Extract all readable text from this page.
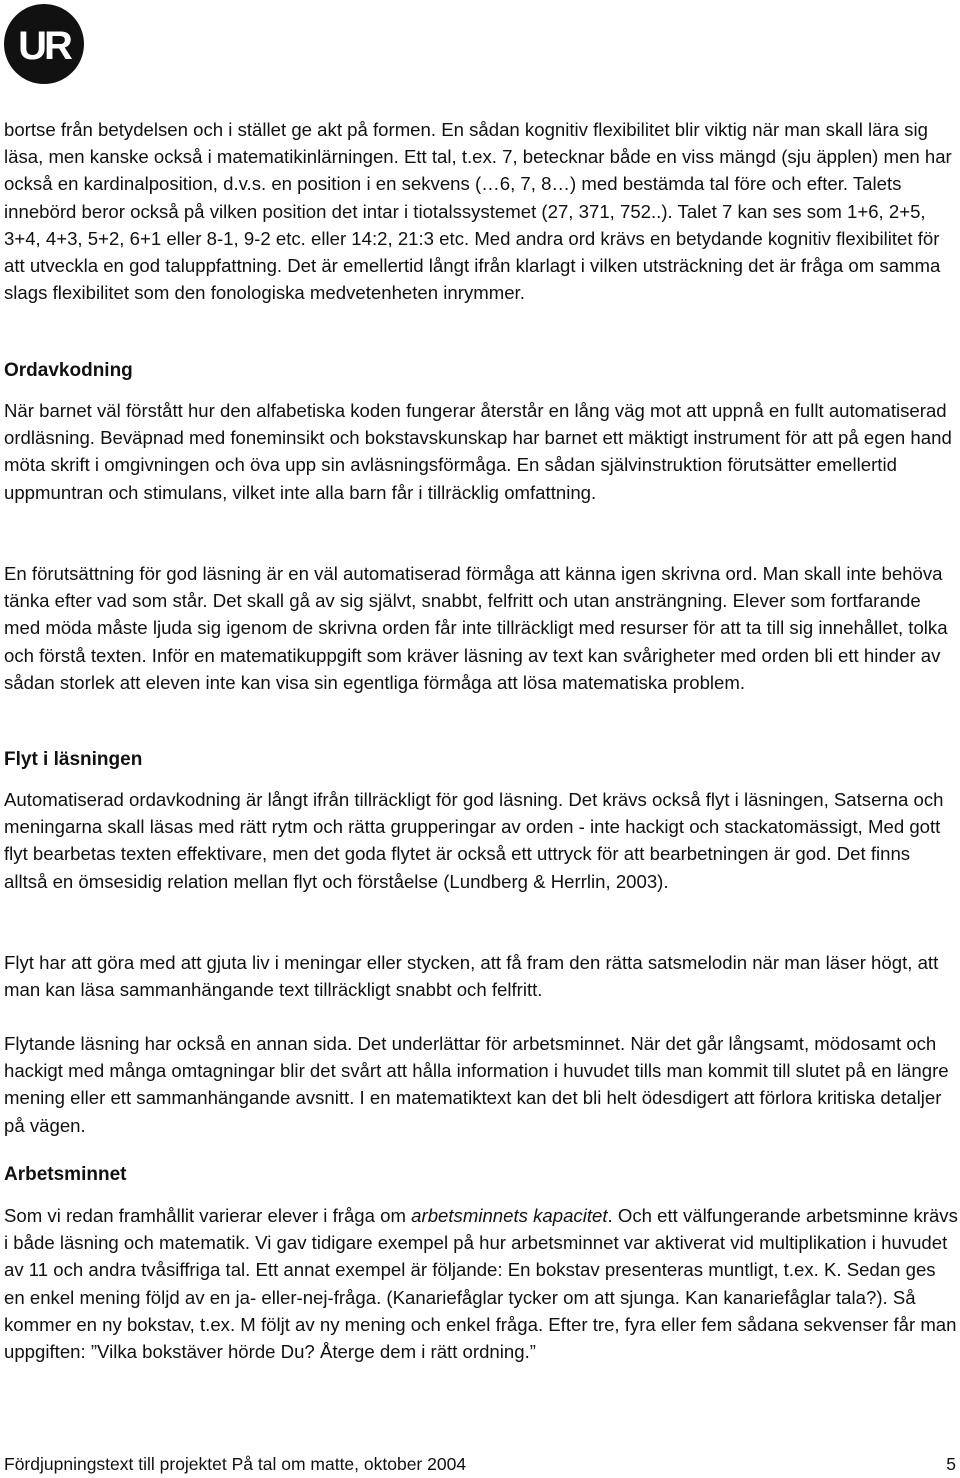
UR

bortse från betydelsen och i stället ge akt på formen. En sådan kognitiv flexibilitet blir viktig när man skall lära sig läsa, men kanske också i matematikinlärningen. Ett tal, t.ex. 7, betecknar både en viss mängd (sju äpplen) men har också en kardinalposition, d.v.s. en position i en sekvens (…6, 7, 8…) med bestämda tal före och efter. Talets innebörd beror också på vilken position det intar i tiotalssystemet (27, 371, 752..). Talet 7 kan ses som 1+6, 2+5, 3+4, 4+3, 5+2, 6+1 eller 8-1, 9-2 etc. eller 14:2, 21:3 etc. Med andra ord krävs en betydande kognitiv flexibilitet för att utveckla en god taluppfattning. Det är emellertid långt ifrån klarlagt i vilken utsträckning det är fråga om samma slags flexibilitet som den fonologiska medvetenheten inrymmer.

Ordavkodning

När barnet väl förstått hur den alfabetiska koden fungerar återstår en lång väg mot att uppnå en fullt automatiserad ordläsning. Beväpnad med foneminsikt och bokstavskunskap har barnet ett mäktigt instrument för att på egen hand möta skrift i omgivningen och öva upp sin avläsningsförmåga. En sådan självinstruktion förutsätter emellertid uppmuntran och stimulans, vilket inte alla barn får i tillräcklig omfattning.

En förutsättning för god läsning är en väl automatiserad förmåga att känna igen skrivna ord. Man skall inte behöva tänka efter vad som står. Det skall gå av sig självt, snabbt, felfritt och utan ansträngning. Elever som fortfarande med möda måste ljuda sig igenom de skrivna orden får inte tillräckligt med resurser för att ta till sig innehållet, tolka och förstå texten. Inför en matematikuppgift som kräver läsning av text kan svårigheter med orden bli ett hinder av sådan storlek att eleven inte kan visa sin egentliga förmåga att lösa matematiska problem.

Flyt i läsningen

Automatiserad ordavkodning är långt ifrån tillräckligt för god läsning. Det krävs också flyt i läsningen, Satserna och meningarna skall läsas med rätt rytm och rätta grupperingar av orden - inte hackigt och stackatomässigt, Med gott flyt bearbetas texten effektivare, men det goda flytet är också ett uttryck för att bearbetningen är god. Det finns alltså en ömsesidig relation mellan flyt och förståelse (Lundberg & Herrlin, 2003).

Flyt har att göra med att gjuta liv i meningar eller stycken, att få fram den rätta satsmelodin när man läser högt, att man kan läsa sammanhängande text tillräckligt snabbt och felfritt.

Flytande läsning har också en annan sida. Det underlättar för arbetsminnet. När det går långsamt, mödosamt och hackigt med många omtagningar blir det svårt att hålla information i huvudet tills man kommit till slutet på en längre mening eller ett sammanhängande avsnitt. I en matematiktext kan det bli helt ödesdigert att förlora kritiska detaljer på vägen.

Arbetsminnet

Som vi redan framhållit varierar elever i fråga om arbetsminnets kapacitet. Och ett välfungerande arbetsminne krävs i både läsning och matematik. Vi gav tidigare exempel på hur arbetsminnet var aktiverat vid multiplikation i huvudet av 11 och andra tvåsiffriga tal. Ett annat exempel är följande: En bokstav presenteras muntligt, t.ex. K. Sedan ges en enkel mening följd av en ja- eller-nej-fråga. (Kanariefåglar tycker om att sjunga. Kan kanariefåglar tala?). Så kommer en ny bokstav, t.ex. M följt av ny mening och enkel fråga. Efter tre, fyra eller fem sådana sekvenser får man uppgiften: ”Vilka bokstäver hörde Du? Återge dem i rätt ordning.”

Fördjupningstext till projektet På tal om matte, oktober 2004	5
